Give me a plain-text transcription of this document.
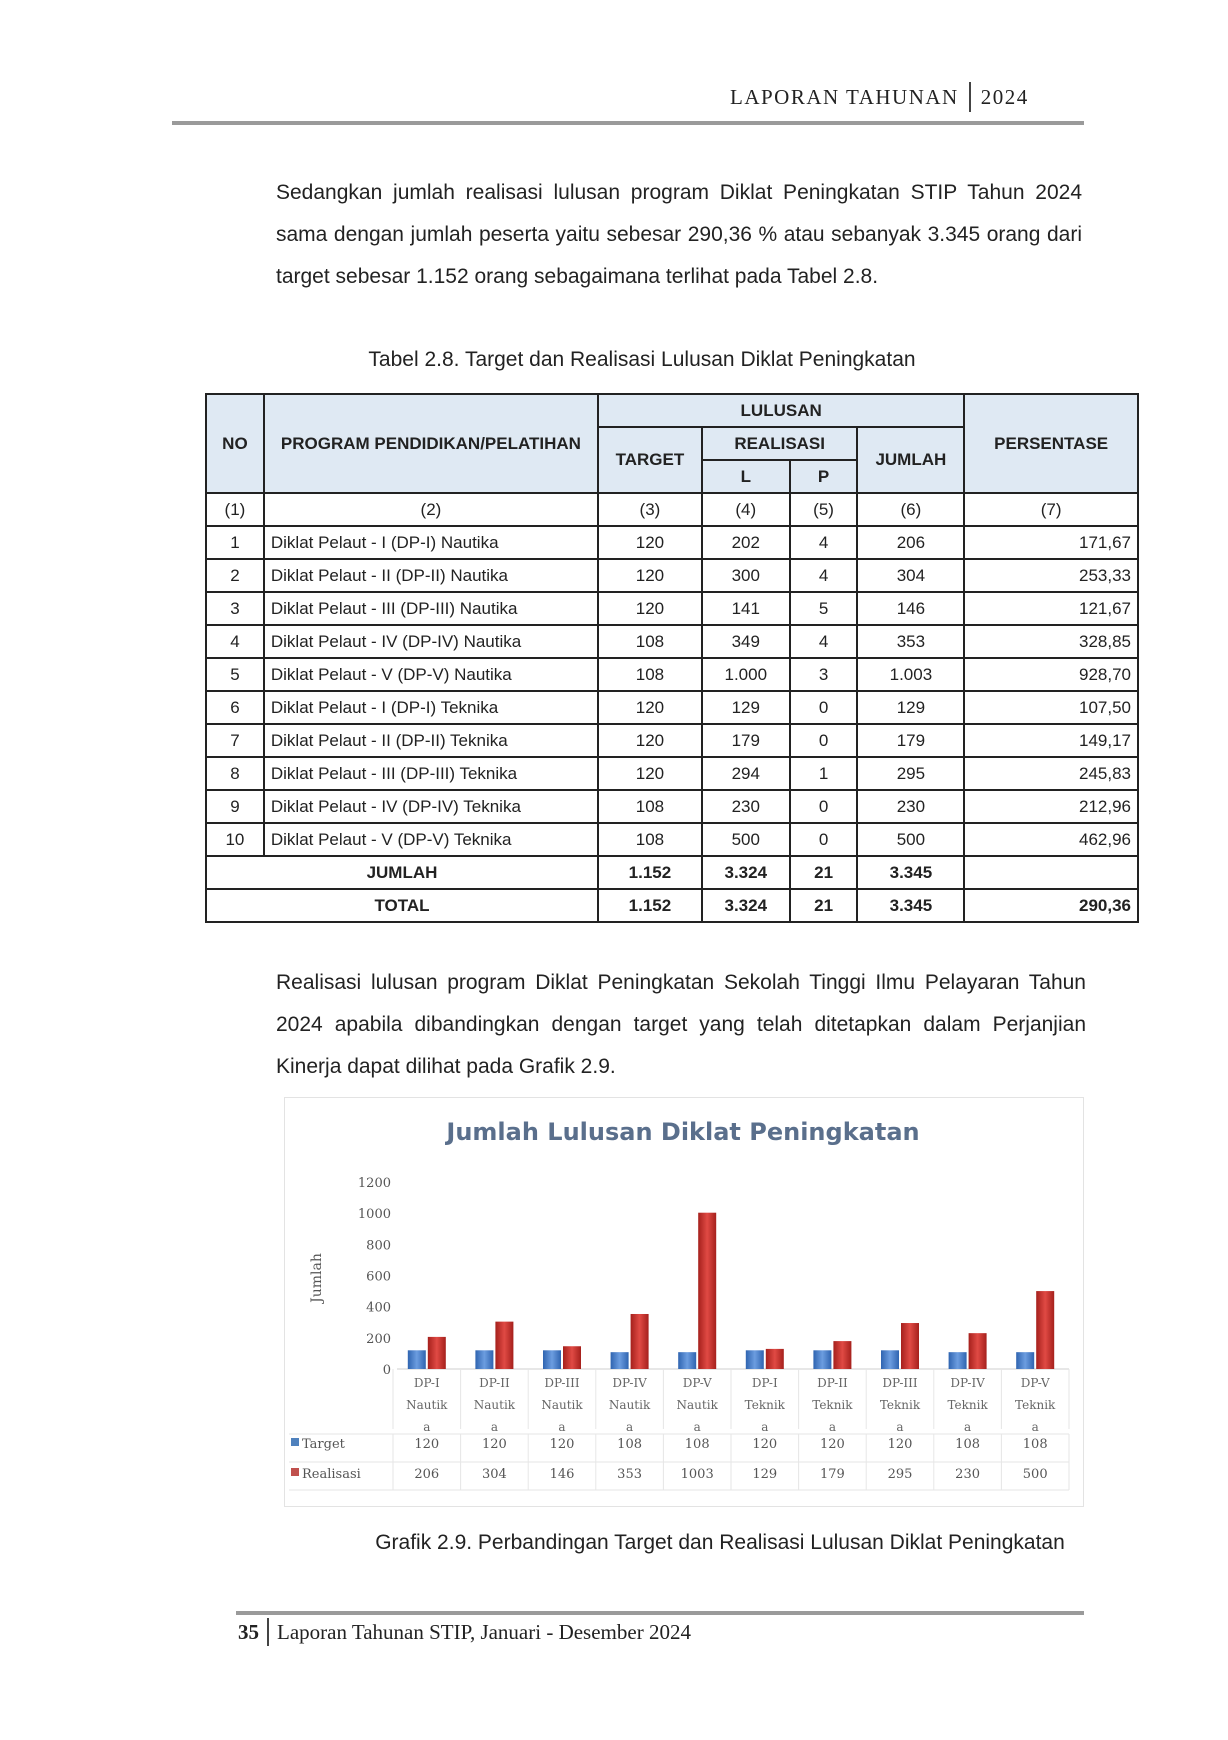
LAPORAN TAHUNAN 2024
Sedangkan jumlah realisasi lulusan program Diklat Peningkatan STIP Tahun 2024 sama dengan jumlah peserta yaitu sebesar 290,36 % atau sebanyak 3.345 orang dari target sebesar 1.152 orang sebagaimana terlihat pada Tabel 2.8.
Tabel 2.8. Target dan Realisasi Lulusan Diklat Peningkatan
NO	PROGRAM PENDIDIKAN/PELATIHAN	LULUSAN				PERSENTASE
		TARGET	REALISASI		JUMLAH	
			L	P		
(1)	(2)	(3)	(4)	(5)	(6)	(7)
1	Diklat Pelaut - I (DP-I) Nautika	120	202	4	206	171,67
2	Diklat Pelaut - II (DP-II) Nautika	120	300	4	304	253,33
3	Diklat Pelaut - III (DP-III) Nautika	120	141	5	146	121,67
4	Diklat Pelaut - IV (DP-IV) Nautika	108	349	4	353	328,85
5	Diklat Pelaut - V (DP-V) Nautika	108	1.000	3	1.003	928,70
6	Diklat Pelaut - I (DP-I) Teknika	120	129	0	129	107,50
7	Diklat Pelaut - II (DP-II) Teknika	120	179	0	179	149,17
8	Diklat Pelaut - III (DP-III) Teknika	120	294	1	295	245,83
9	Diklat Pelaut - IV (DP-IV) Teknika	108	230	0	230	212,96
10	Diklat Pelaut - V (DP-V) Teknika	108	500	0	500	462,96
JUMLAH		1.152	3.324	21	3.345	
TOTAL		1.152	3.324	21	3.345	290,36
Realisasi lulusan program Diklat Peningkatan Sekolah Tinggi Ilmu Pelayaran Tahun 2024 apabila dibandingkan dengan target yang telah ditetapkan dalam Perjanjian Kinerja dapat dilihat pada Grafik 2.9.
Jumlah Lulusan Diklat Peningkatan
0
200
400
600
800
1000
1200
Jumlah
DP-I
Nautik
a
DP-II
Nautik
a
DP-III
Nautik
a
DP-IV
Nautik
a
DP-V
Nautik
a
DP-I
Teknik
a
DP-II
Teknik
a
DP-III
Teknik
a
DP-IV
Teknik
a
DP-V
Teknik
a
Target	120	120	120	108	108	120	120	120	108	108
Realisasi	206	304	146	353	1003	129	179	295	230	500
Grafik 2.9. Perbandingan Target dan Realisasi Lulusan Diklat Peningkatan
35 Laporan Tahunan STIP, Januari - Desember 2024
